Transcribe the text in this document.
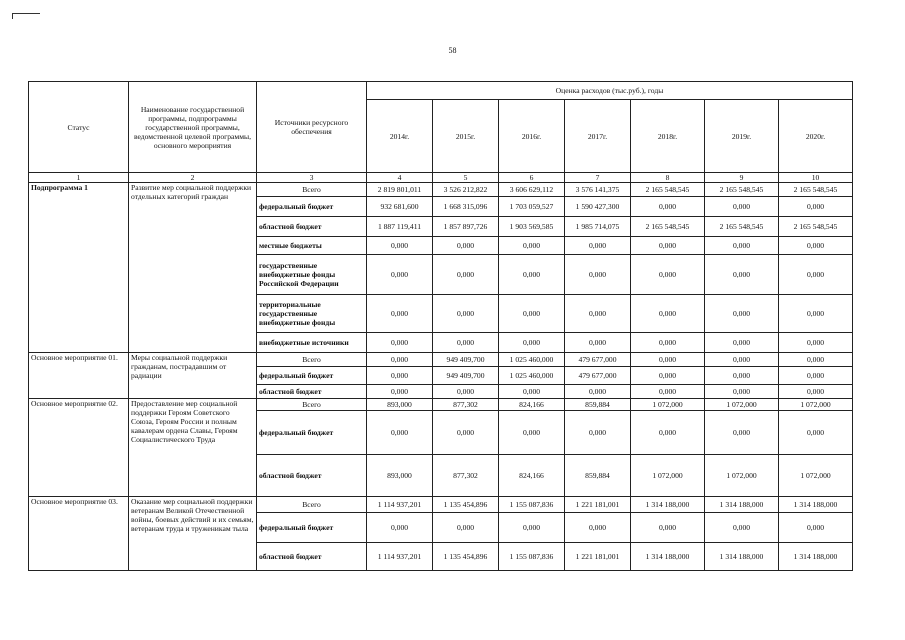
58
Статус	Наименование государственной программы, подпрограммы государственной программы, ведомственной целевой программы, основного мероприятия	Источники ресурсного обеспечения	Оценка расходов (тыс.руб.), годы						
			2014г.	2015г.	2016г.	2017г.	2018г.	2019г.	2020г.
1	2	3	4	5	6	7	8	9	10
Подпрограмма 1	Развитие мер социальной поддержки отдельных категорий граждан	Всего	2 819 801,011	3 526 212,822	3 606 629,112	3 576 141,375	2 165 548,545	2 165 548,545	2 165 548,545
		федеральный бюджет	932 681,600	1 668 315,096	1 703 059,527	1 590 427,300	0,000	0,000	0,000
		областной бюджет	1 887 119,411	1 857 897,726	1 903 569,585	1 985 714,075	2 165 548,545	2 165 548,545	2 165 548,545
		местные бюджеты	0,000	0,000	0,000	0,000	0,000	0,000	0,000
		государственные внебюджетные фонды Российской Федерации	0,000	0,000	0,000	0,000	0,000	0,000	0,000
		территориальные государственные внебюджетные фонды	0,000	0,000	0,000	0,000	0,000	0,000	0,000
		внебюджетные источники	0,000	0,000	0,000	0,000	0,000	0,000	0,000
Основное мероприятие 01.	Меры социальной поддержки гражданам, пострадавшим от радиации	Всего	0,000	949 409,700	1 025 460,000	479 677,000	0,000	0,000	0,000
		федеральный бюджет	0,000	949 409,700	1 025 460,000	479 677,000	0,000	0,000	0,000
		областной бюджет	0,000	0,000	0,000	0,000	0,000	0,000	0,000
Основное мероприятие 02.	Предоставление мер социальной поддержки Героям Советского Союза, Героям России и полным кавалерам ордена Славы, Героям Социалистического Труда	Всего	893,000	877,302	824,166	859,884	1 072,000	1 072,000	1 072,000
		федеральный бюджет	0,000	0,000	0,000	0,000	0,000	0,000	0,000
		областной бюджет	893,000	877,302	824,166	859,884	1 072,000	1 072,000	1 072,000
Основное мероприятие 03.	Оказание мер социальной поддержки ветеранам Великой Отечественной войны, боевых действий и их семьям, ветеранам труда и труженикам тыла	Всего	1 114 937,201	1 135 454,896	1 155 087,836	1 221 181,001	1 314 188,000	1 314 188,000	1 314 188,000
		федеральный бюджет	0,000	0,000	0,000	0,000	0,000	0,000	0,000
		областной бюджет	1 114 937,201	1 135 454,896	1 155 087,836	1 221 181,001	1 314 188,000	1 314 188,000	1 314 188,000
